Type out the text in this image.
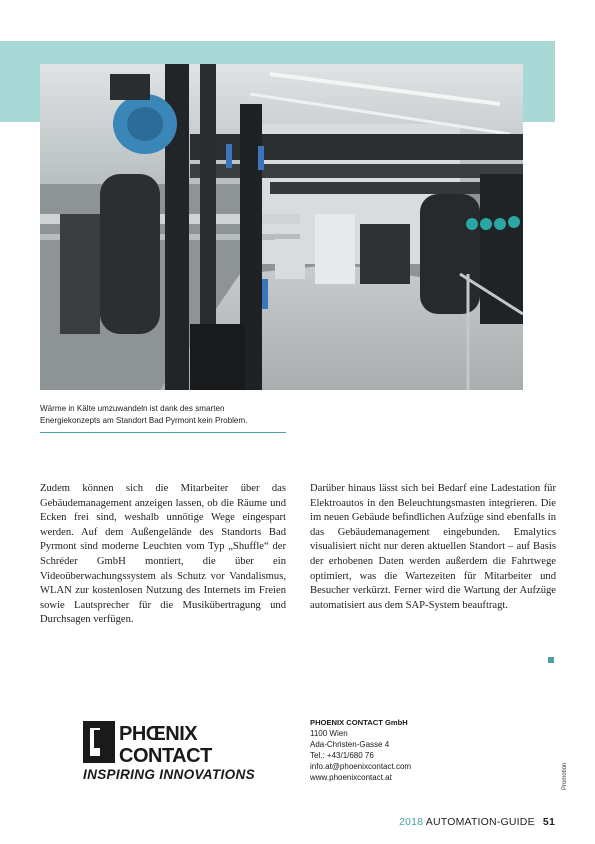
Wärme in Kälte umzuwandeln ist dank des smarten
Energiekonzepts am Standort Bad Pyrmont kein Problem.

Zudem können sich die Mitarbeiter über das Gebäudemanagement anzeigen lassen, ob die Räume und Ecken frei sind, weshalb unnötige Wege eingespart werden. Auf dem Außengelände des Standorts Bad Pyrmont sind moderne Leuchten vom Typ „Shuffle“ der Schréder GmbH montiert, die über ein Videoüberwachungssystem als Schutz vor Vandalismus, WLAN zur kostenlosen Nutzung des Internets im Freien sowie Lautsprecher für die Musikübertragung und Durchsagen verfügen.

Darüber hinaus lässt sich bei Bedarf eine Ladestation für Elektroautos in den Beleuchtungsmasten integrieren. Die im neuen Gebäude befindlichen Aufzüge sind ebenfalls in das Gebäudemanagement eingebunden. Emalytics visualisiert nicht nur deren aktuellen Standort – auf Basis der erhobenen Daten werden außerdem die Fahrtwege optimiert, was die Wartezeiten für Mitarbeiter und Besucher verkürzt. Ferner wird die Wartung der Aufzüge automatisiert aus dem SAP-System beauftragt.

PHŒNIX
CONTACT
INSPIRING INNOVATIONS
PHOENIX CONTACT GmbH
1100 Wien
Ada-Christen-Gasse 4
Tel.: +43/1/680 76
info.at@phoenixcontact.com
www.phoenixcontact.at	Promotion
2018 AUTOMATION-GUIDE 51
